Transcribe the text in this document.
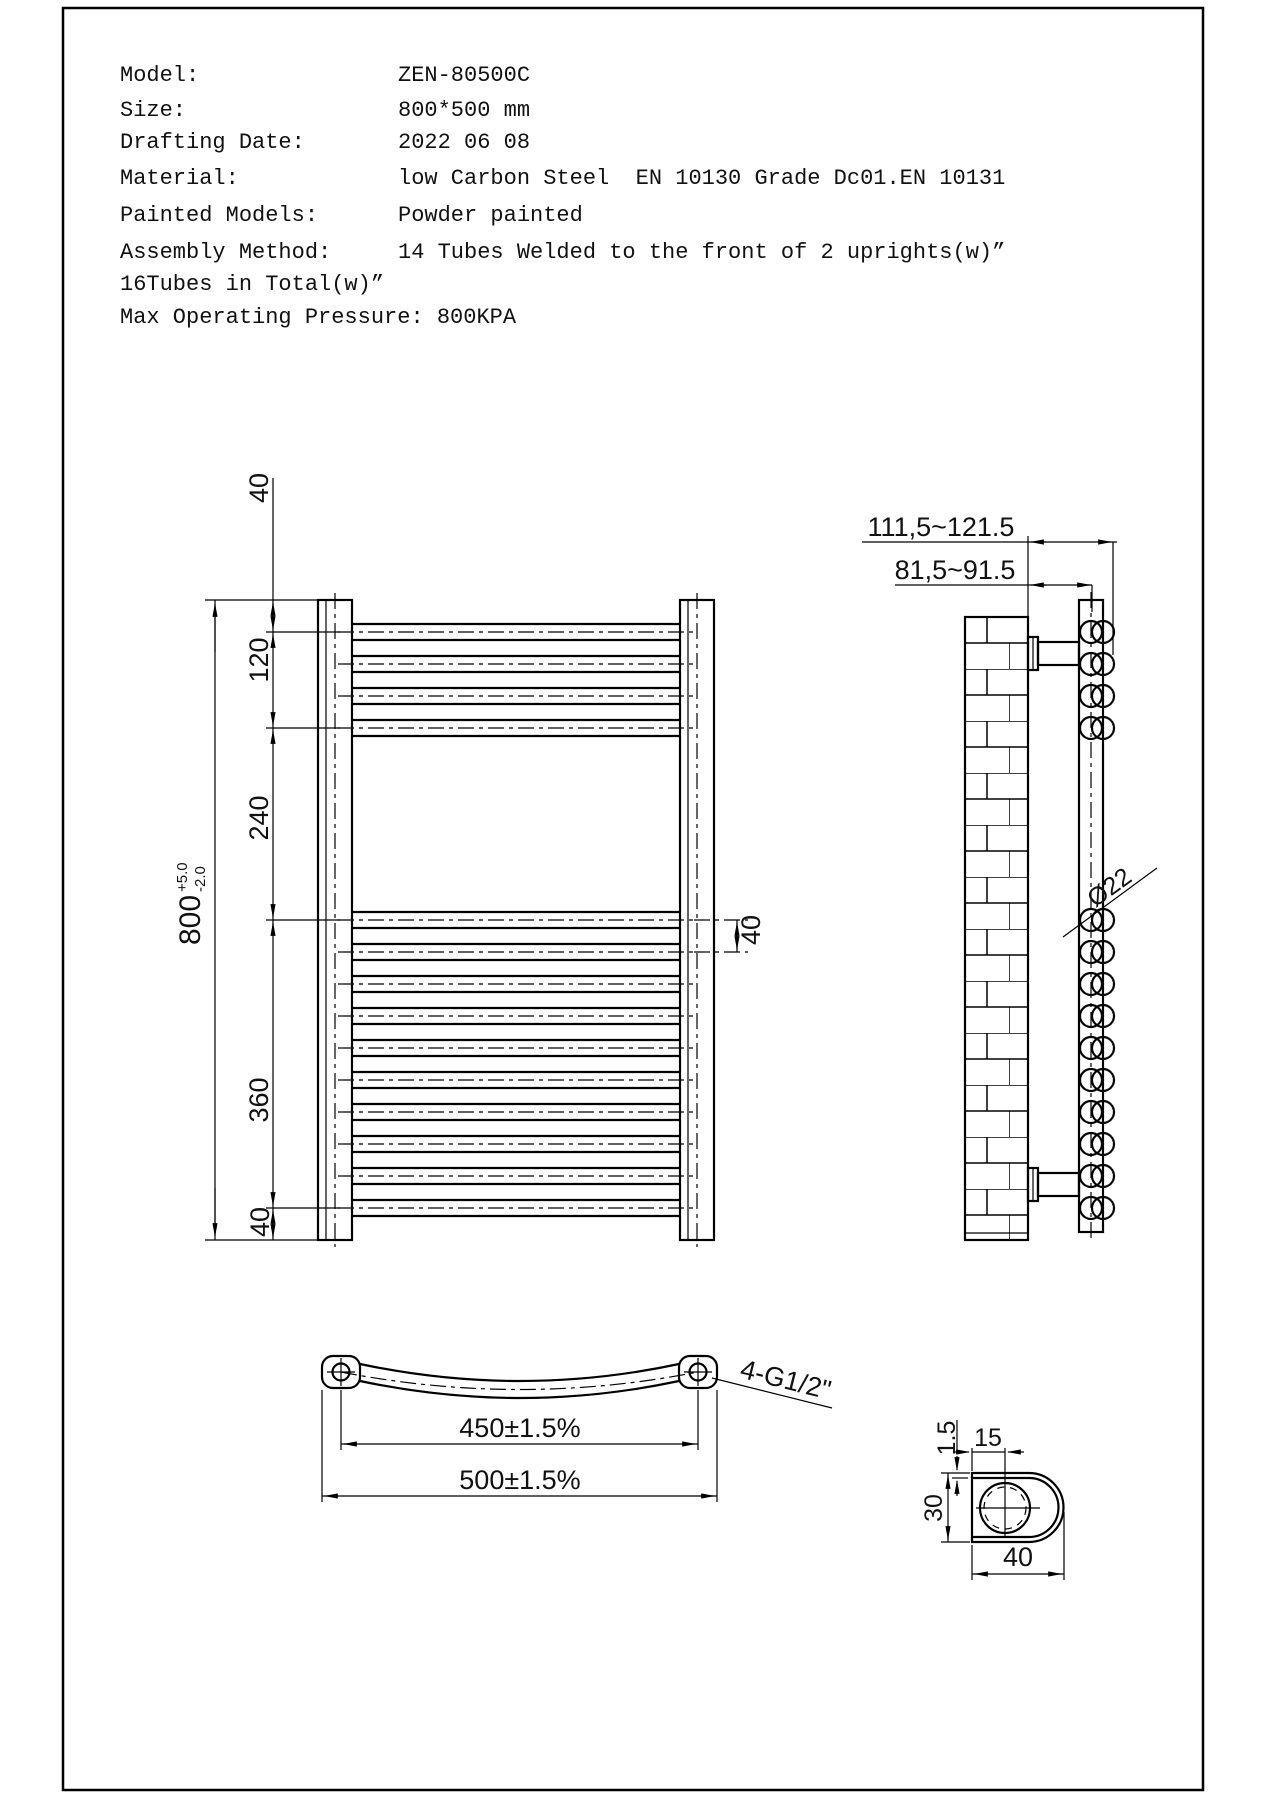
Model:	ZEN-80500C
Size:	800*500 mm
Drafting Date:	2022 06 08
Material:	low Carbon Steel  EN 10130 Grade Dc01.EN 10131
Painted Models:	Powder painted
Assembly Method:	14 Tubes Welded to the front of 2 uprights(w)”
16Tubes in Total(w)”
Max Operating Pressure: 800KPA
800
+5.0 -2.0
40
120
240
360
40
40
111,5~121.5
81,5~91.5
Ø22
450±1.5%
500±1.5%
4-G1/2"
15
1.5
30
40
